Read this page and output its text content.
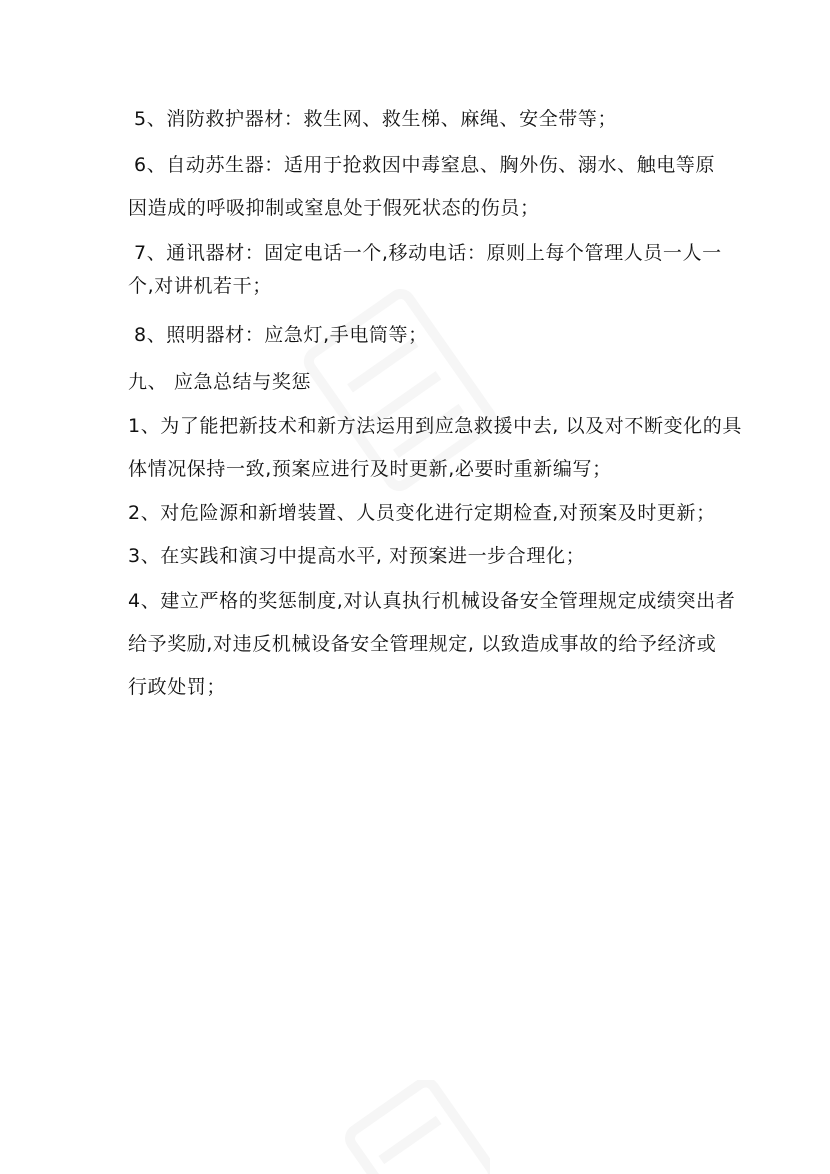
5、消防救护器材：救生网、救生梯、麻绳、安全带等；
6、自动苏生器：适用于抢救因中毒窒息、胸外伤、溺水、触电等原
因造成的呼吸抑制或窒息处于假死状态的伤员；
7、通讯器材：固定电话一个,移动电话：原则上每个管理人员一人一
个,对讲机若干；
8、照明器材：应急灯,手电筒等；
九、 应急总结与奖惩
1、为了能把新技术和新方法运用到应急救援中去, 以及对不断变化的具
体情况保持一致,预案应进行及时更新,必要时重新编写；
2、对危险源和新增装置、人员变化进行定期检查,对预案及时更新；
3、在实践和演习中提高水平, 对预案进一步合理化；
4、建立严格的奖惩制度,对认真执行机械设备安全管理规定成绩突出者
给予奖励,对违反机械设备安全管理规定, 以致造成事故的给予经济或
行政处罚；
